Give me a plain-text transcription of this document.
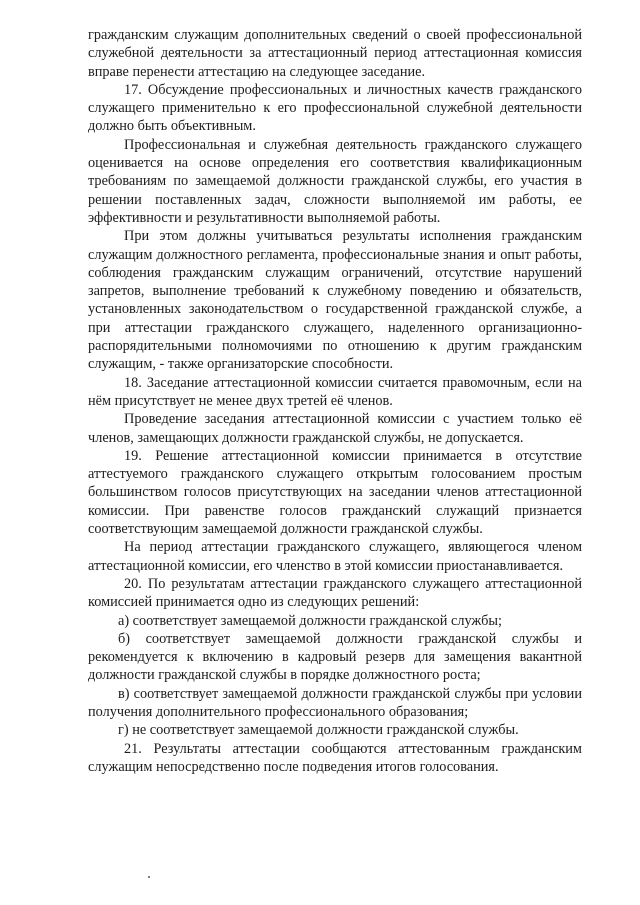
гражданским служащим дополнительных сведений о своей профессиональной служебной деятельности за аттестационный период аттестационная комиссия вправе перенести аттестацию на следующее заседание.

17. Обсуждение профессиональных и личностных качеств гражданского служащего применительно к его профессиональной служебной деятельности должно быть объективным.

Профессиональная и служебная деятельность гражданского служащего оценивается на основе определения его соответствия квалификационным требованиям по замещаемой должности гражданской службы, его участия в решении поставленных задач, сложности выполняемой им работы, ее эффективности и результативности выполняемой работы.

При этом должны учитываться результаты исполнения гражданским служащим должностного регламента, профессиональные знания и опыт работы, соблюдения гражданским служащим ограничений, отсутствие нарушений запретов, выполнение требований к служебному поведению и обязательств, установленных законодательством о государственной гражданской службе, а при аттестации гражданского служащего, наделенного организационно-распорядительными полномочиями по отношению к другим гражданским служащим, - также организаторские способности.

18. Заседание аттестационной комиссии считается правомочным, если на нём присутствует не менее двух третей её членов.

Проведение заседания аттестационной комиссии с участием только её членов, замещающих должности гражданской службы, не допускается.

19. Решение аттестационной комиссии принимается в отсутствие аттестуемого гражданского служащего открытым голосованием простым большинством голосов присутствующих на заседании членов аттестационной комиссии. При равенстве голосов гражданский служащий признается соответствующим замещаемой должности гражданской службы.

На период аттестации гражданского служащего, являющегося членом аттестационной комиссии, его членство в этой комиссии приостанавливается.

20. По результатам аттестации гражданского служащего аттестационной комиссией принимается одно из следующих решений:

а) соответствует замещаемой должности гражданской службы;

б) соответствует замещаемой должности гражданской службы и рекомендуется к включению в кадровый резерв для замещения вакантной должности гражданской службы в порядке должностного роста;

в) соответствует замещаемой должности гражданской службы при условии получения дополнительного профессионального образования;

г) не соответствует замещаемой должности гражданской службы.

21. Результаты аттестации сообщаются аттестованным гражданским служащим непосредственно после подведения итогов голосования.
